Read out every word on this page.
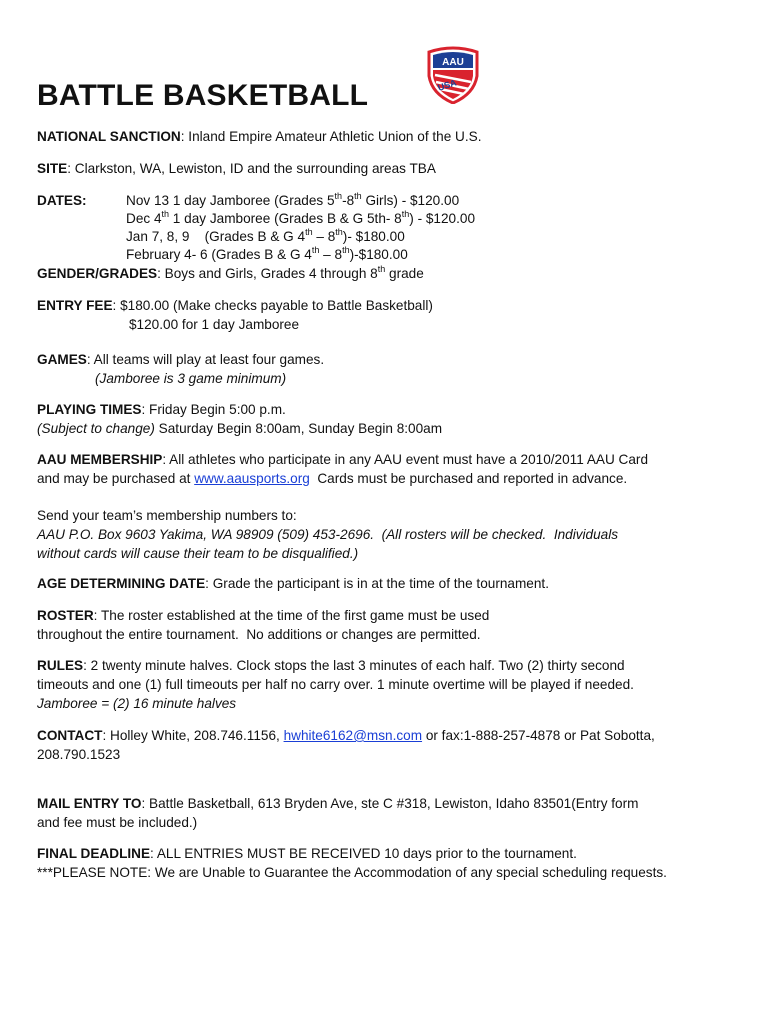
BATTLE BASKETBALL
AAU
USA
NATIONAL SANCTION: Inland Empire Amateur Athletic Union of the U.S.
SITE: Clarkston, WA, Lewiston, ID and the surrounding areas TBA
DATES:	Nov 13 1 day Jamboree (Grades 5th-8th Girls) - $120.00
Dec 4th 1 day Jamboree (Grades B & G 5th- 8th) - $120.00
Jan 7, 8, 9    (Grades B & G 4th – 8th)- $180.00
February 4- 6 (Grades B & G 4th – 8th)-$180.00
GENDER/GRADES: Boys and Girls, Grades 4 through 8th grade
ENTRY FEE: $180.00 (Make checks payable to Battle Basketball)
$120.00 for 1 day Jamboree
GAMES: All teams will play at least four games.
(Jamboree is 3 game minimum)
PLAYING TIMES: Friday Begin 5:00 p.m.
(Subject to change) Saturday Begin 8:00am, Sunday Begin 8:00am
AAU MEMBERSHIP: All athletes who participate in any AAU event must have a 2010/2011 AAU Card
and may be purchased at www.aausports.org  Cards must be purchased and reported in advance.
Send your team’s membership numbers to:
AAU P.O. Box 9603 Yakima, WA 98909 (509) 453-2696.  (All rosters will be checked.  Individuals
without cards will cause their team to be disqualified.)
AGE DETERMINING DATE: Grade the participant is in at the time of the tournament.
ROSTER: The roster established at the time of the first game must be used
throughout the entire tournament.  No additions or changes are permitted.
RULES: 2 twenty minute halves. Clock stops the last 3 minutes of each half. Two (2) thirty second
timeouts and one (1) full timeouts per half no carry over. 1 minute overtime will be played if needed.
Jamboree = (2) 16 minute halves
CONTACT: Holley White, 208.746.1156, hwhite6162@msn.com or fax:1-888-257-4878 or Pat Sobotta,
208.790.1523
MAIL ENTRY TO: Battle Basketball, 613 Bryden Ave, ste C #318, Lewiston, Idaho 83501(Entry form
and fee must be included.)
FINAL DEADLINE: ALL ENTRIES MUST BE RECEIVED 10 days prior to the tournament.
***PLEASE NOTE: We are Unable to Guarantee the Accommodation of any special scheduling requests.
